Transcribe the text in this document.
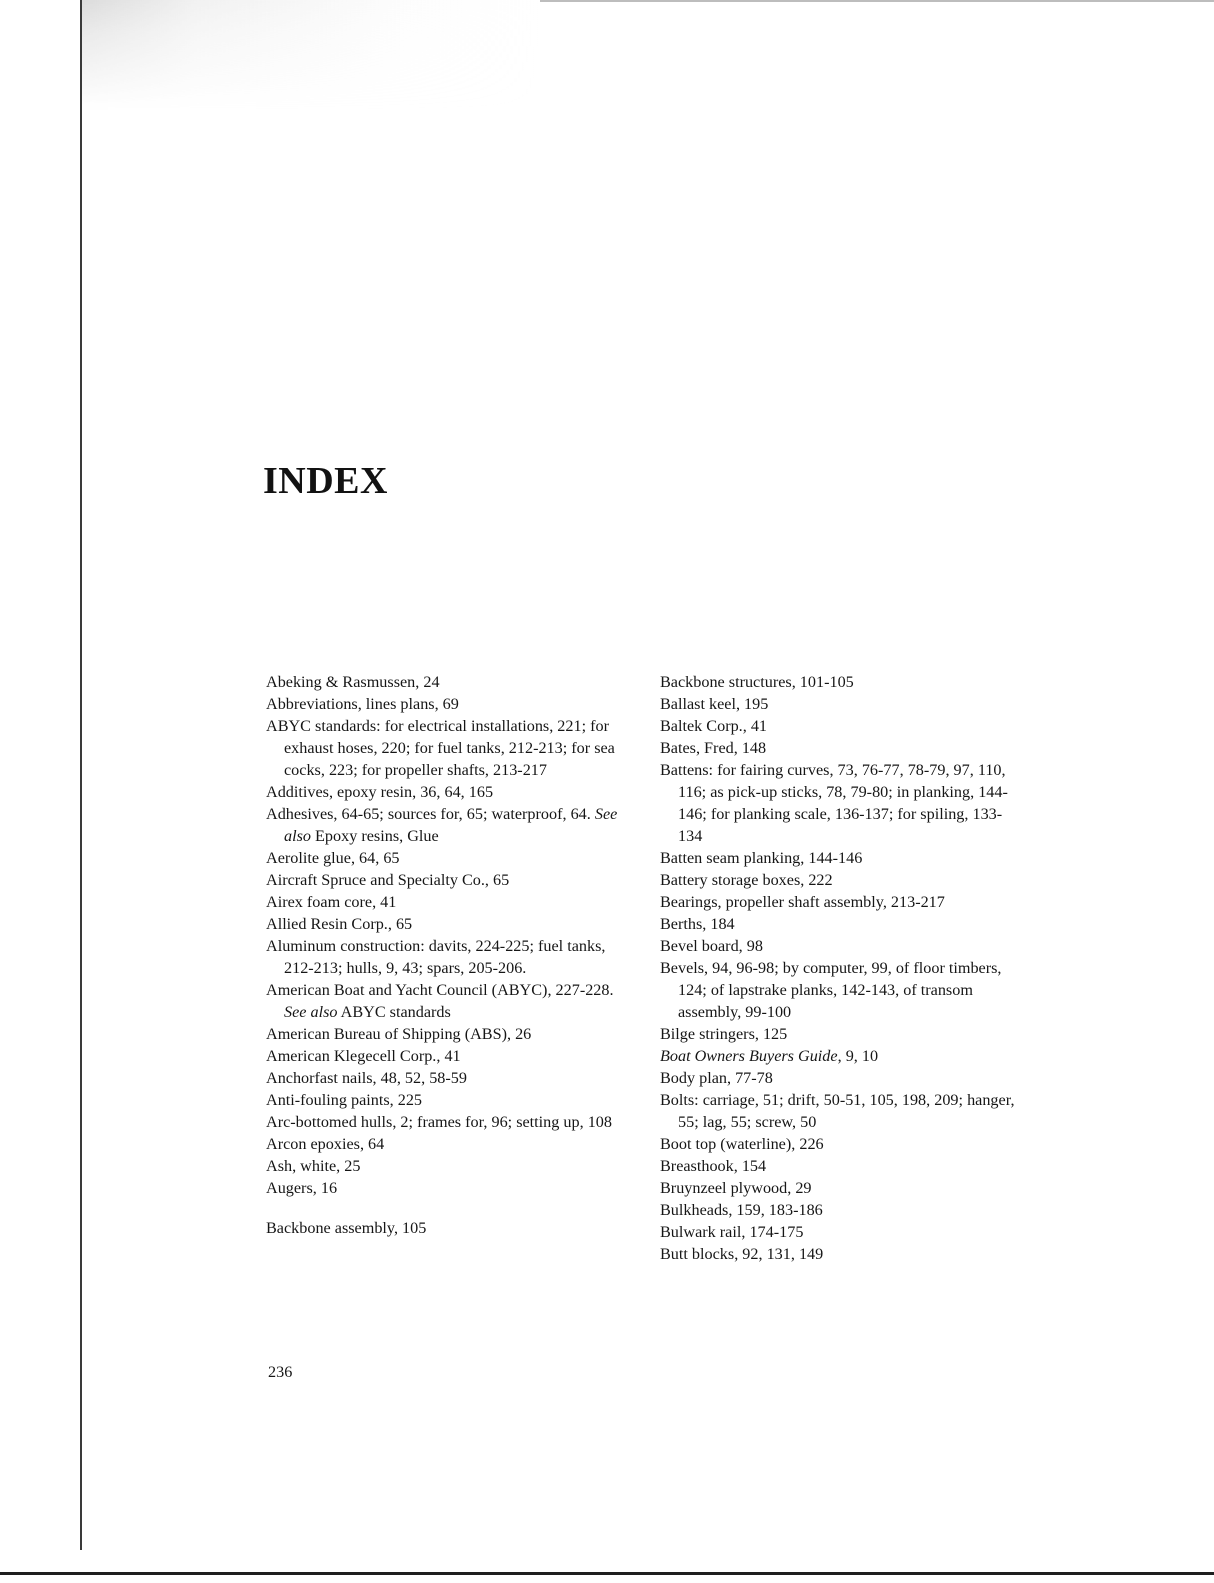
INDEX
Abeking & Rasmussen, 24
Abbreviations, lines plans, 69
ABYC standards: for electrical installations, 221; for exhaust hoses, 220; for fuel tanks, 212-213; for sea cocks, 223; for propeller shafts, 213-217
Additives, epoxy resin, 36, 64, 165
Adhesives, 64-65; sources for, 65; waterproof, 64. See also Epoxy resins, Glue
Aerolite glue, 64, 65
Aircraft Spruce and Specialty Co., 65
Airex foam core, 41
Allied Resin Corp., 65
Aluminum construction: davits, 224-225; fuel tanks, 212-213; hulls, 9, 43; spars, 205-206.
American Boat and Yacht Council (ABYC), 227-228. See also ABYC standards
American Bureau of Shipping (ABS), 26
American Klegecell Corp., 41
Anchorfast nails, 48, 52, 58-59
Anti-fouling paints, 225
Arc-bottomed hulls, 2; frames for, 96; setting up, 108
Arcon epoxies, 64
Ash, white, 25
Augers, 16
Backbone assembly, 105
Backbone structures, 101-105
Ballast keel, 195
Baltek Corp., 41
Bates, Fred, 148
Battens: for fairing curves, 73, 76-77, 78-79, 97, 110, 116; as pick-up sticks, 78, 79-80; in planking, 144-146; for planking scale, 136-137; for spiling, 133-134
Batten seam planking, 144-146
Battery storage boxes, 222
Bearings, propeller shaft assembly, 213-217
Berths, 184
Bevel board, 98
Bevels, 94, 96-98; by computer, 99, of floor timbers, 124; of lapstrake planks, 142-143, of transom assembly, 99-100
Bilge stringers, 125
Boat Owners Buyers Guide, 9, 10
Body plan, 77-78
Bolts: carriage, 51; drift, 50-51, 105, 198, 209; hanger, 55; lag, 55; screw, 50
Boot top (waterline), 226
Breasthook, 154
Bruynzeel plywood, 29
Bulkheads, 159, 183-186
Bulwark rail, 174-175
Butt blocks, 92, 131, 149
236
